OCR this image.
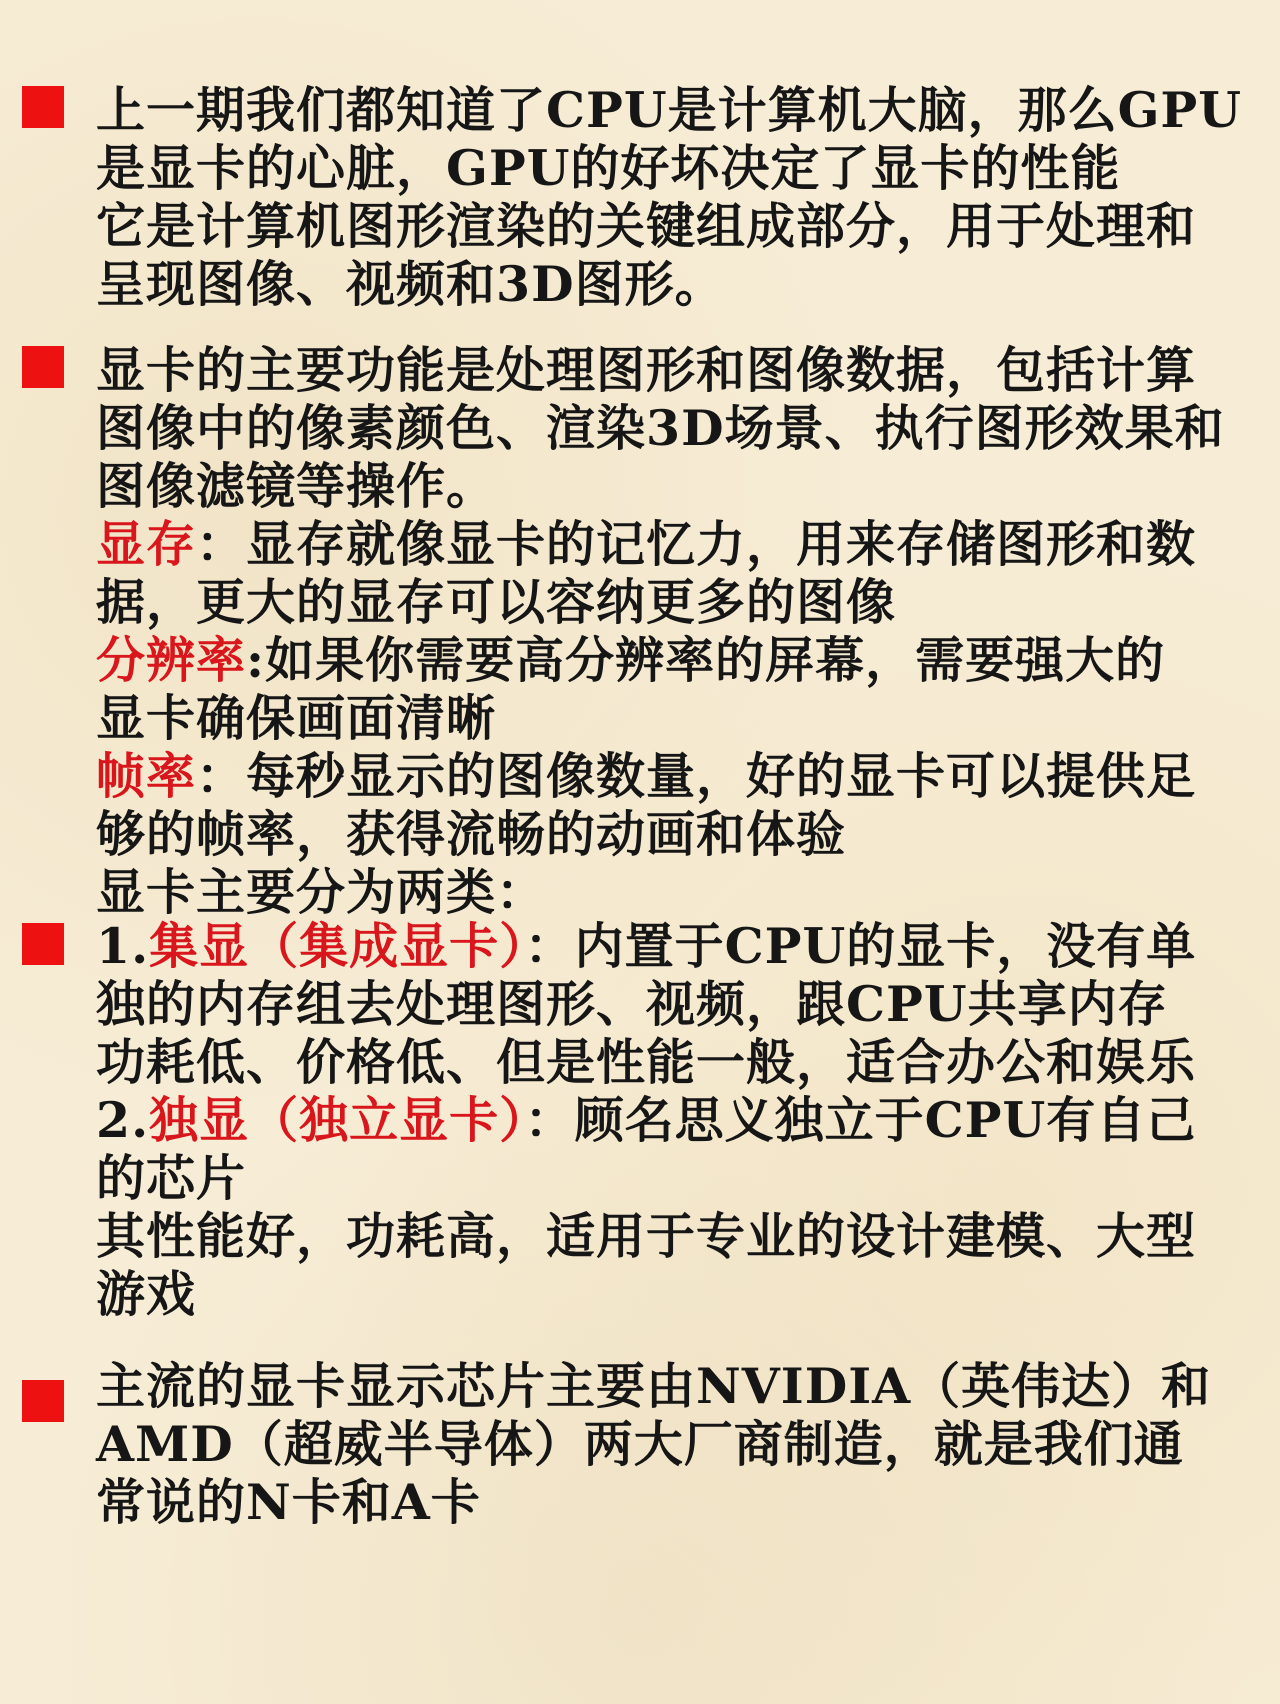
上一期我们都知道了CPU是计算机大脑，那么GPU
是显卡的心脏，GPU的好坏决定了显卡的性能
它是计算机图形渲染的关键组成部分，用于处理和
呈现图像、视频和3D图形。
显卡的主要功能是处理图形和图像数据，包括计算
图像中的像素颜色、渲染3D场景、执行图形效果和
图像滤镜等操作。
显存：显存就像显卡的记忆力，用来存储图形和数
据，更大的显存可以容纳更多的图像
分辨率:如果你需要高分辨率的屏幕，需要强大的
显卡确保画面清晰
帧率：每秒显示的图像数量，好的显卡可以提供足
够的帧率，获得流畅的动画和体验
显卡主要分为两类：
1.集显（集成显卡）：内置于CPU的显卡，没有单
独的内存组去处理图形、视频，跟CPU共享内存
功耗低、价格低、但是性能一般，适合办公和娱乐
2.独显（独立显卡）：顾名思义独立于CPU有自己
的芯片
其性能好，功耗高，适用于专业的设计建模、大型
游戏
主流的显卡显示芯片主要由NVIDIA（英伟达）和
AMD（超威半导体）两大厂商制造，就是我们通
常说的N卡和A卡
